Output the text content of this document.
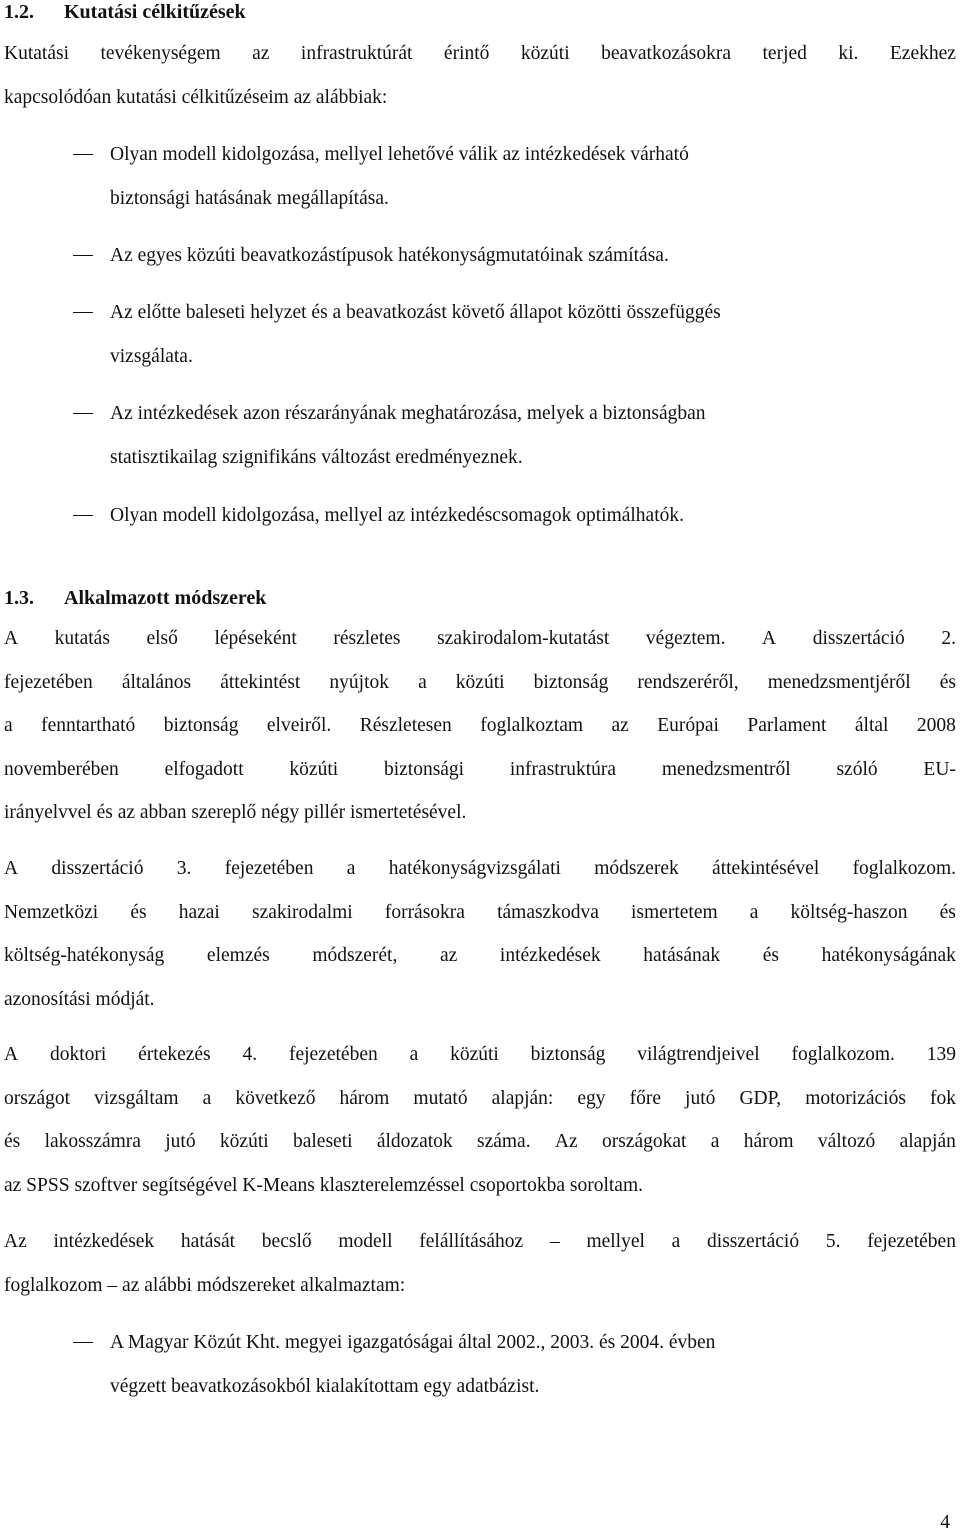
1.2. Kutatási célkitűzések
Kutatási tevékenységem az infrastruktúrát érintő közúti beavatkozásokra terjed ki. Ezekhez
kapcsolódóan kutatási célkitűzéseim az alábbiak:
Olyan modell kidolgozása, mellyel lehetővé válik az intézkedések várható
biztonsági hatásának megállapítása.
Az egyes közúti beavatkozástípusok hatékonyságmutatóinak számítása.
Az előtte baleseti helyzet és a beavatkozást követő állapot közötti összefüggés
vizsgálata.
Az intézkedések azon részarányának meghatározása, melyek a biztonságban
statisztikailag szignifikáns változást eredményeznek.
Olyan modell kidolgozása, mellyel az intézkedéscsomagok optimálhatók.
1.3. Alkalmazott módszerek
A kutatás első lépéseként részletes szakirodalom-kutatást végeztem. A disszertáció 2.
fejezetében általános áttekintést nyújtok a közúti biztonság rendszeréről, menedzsmentjéről és
a fenntartható biztonság elveiről. Részletesen foglalkoztam az Európai Parlament által 2008
novemberében elfogadott közúti biztonsági infrastruktúra menedzsmentről szóló EU-
irányelvvel és az abban szereplő négy pillér ismertetésével.
A disszertáció 3. fejezetében a hatékonyságvizsgálati módszerek áttekintésével foglalkozom.
Nemzetközi és hazai szakirodalmi forrásokra támaszkodva ismertetem a költség-haszon és
költség-hatékonyság elemzés módszerét, az intézkedések hatásának és hatékonyságának
azonosítási módját.
A doktori értekezés 4. fejezetében a közúti biztonság világtrendjeivel foglalkozom. 139
országot vizsgáltam a következő három mutató alapján: egy főre jutó GDP, motorizációs fok
és lakosszámra jutó közúti baleseti áldozatok száma. Az országokat a három változó alapján
az SPSS szoftver segítségével K-Means klaszterelemzéssel csoportokba soroltam.
Az intézkedések hatását becslő modell felállításához – mellyel a disszertáció 5. fejezetében
foglalkozom – az alábbi módszereket alkalmaztam:
A Magyar Közút Kht. megyei igazgatóságai által 2002., 2003. és 2004. évben
végzett beavatkozásokból kialakítottam egy adatbázist.
4
